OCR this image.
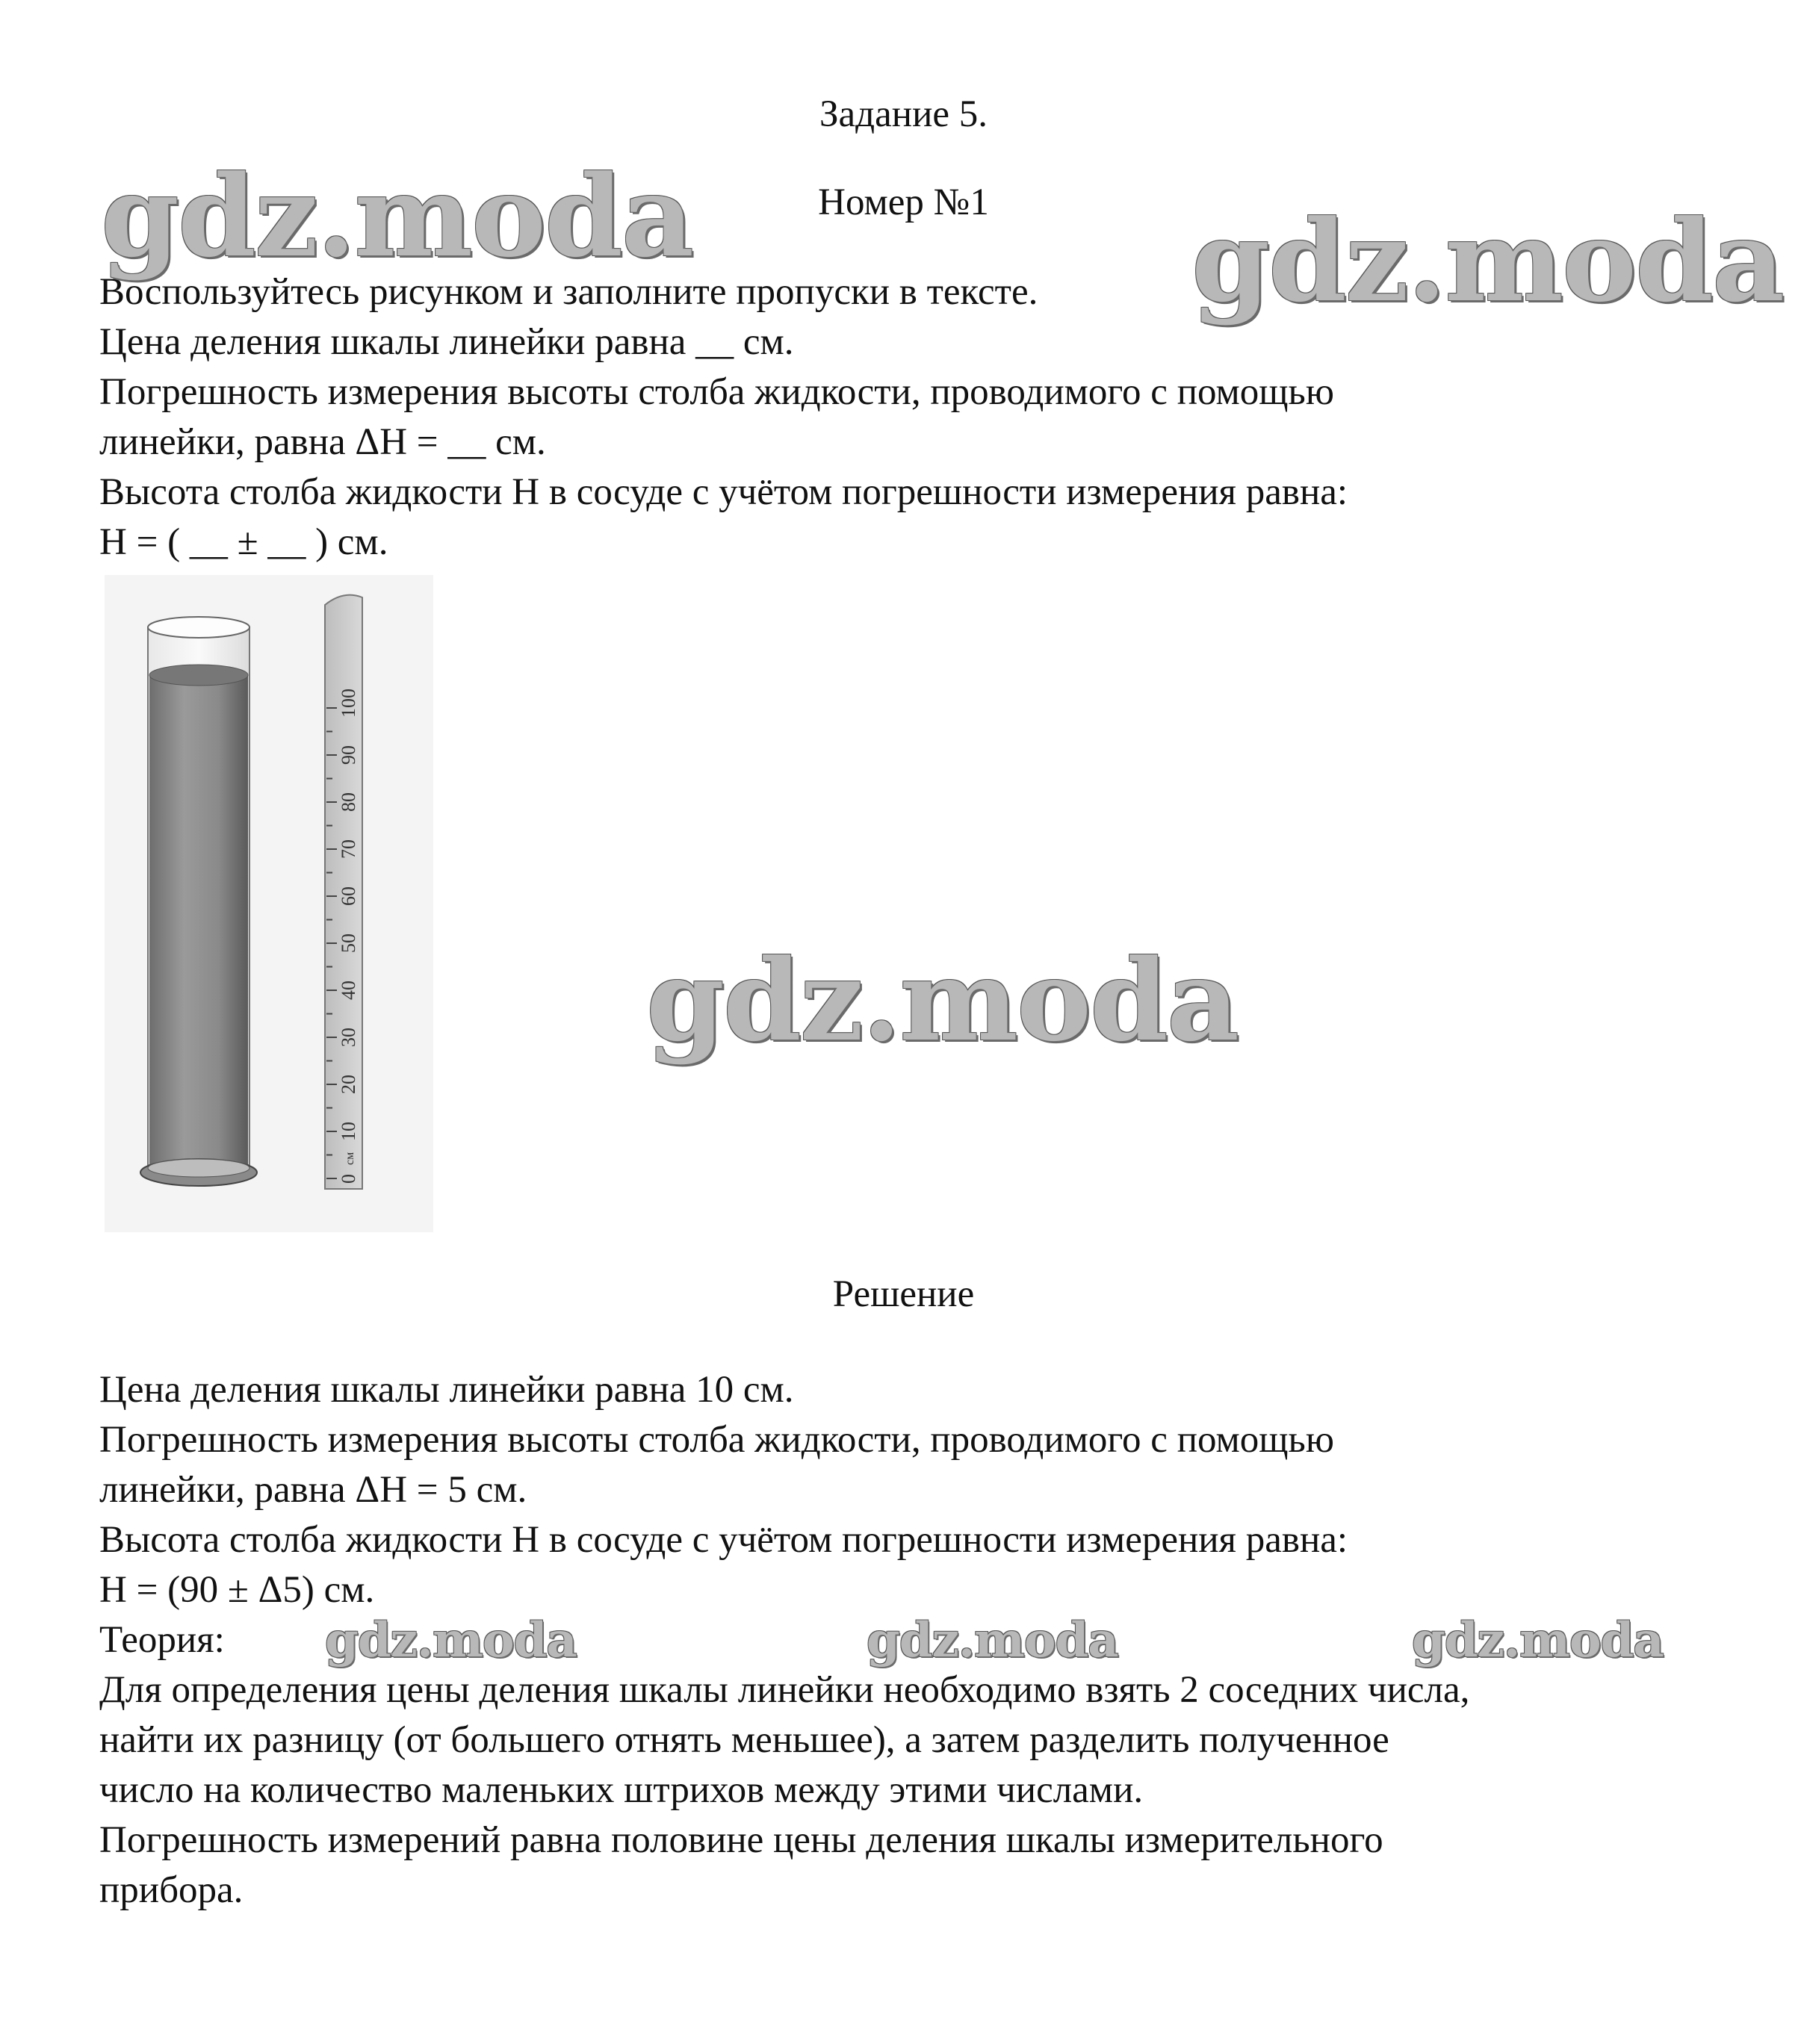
Задание 5.
Номер №1
Воспользуйтесь рисунком и заполните пропуски в тексте.
Цена деления шкалы линейки равна __ см.
Погрешность измерения высоты столба жидкости, проводимого с помощью
линейки, равна ΔH = __ см.
Высота столба жидкости H в сосуде с учётом погрешности измерения равна:
H = ( __ ± __ ) см.
0
см
10
20
30
40
50
60
70
80
90
100
Решение
Цена деления шкалы линейки равна 10 см.
Погрешность измерения высоты столба жидкости, проводимого с помощью
линейки, равна ΔH = 5 см.
Высота столба жидкости H в сосуде с учётом погрешности измерения равна:
H = (90 ± Δ5) см.
Теория:
Для определения цены деления шкалы линейки необходимо взять 2 соседних числа,
найти их разницу (от большего отнять меньшее), а затем разделить полученное
число на количество маленьких штрихов между этими числами.
Погрешность измерений равна половине цены деления шкалы измерительного
прибора.
gdz.moda	gdz.moda
gdz.moda
gdz.moda	gdz.moda	gdz.moda
